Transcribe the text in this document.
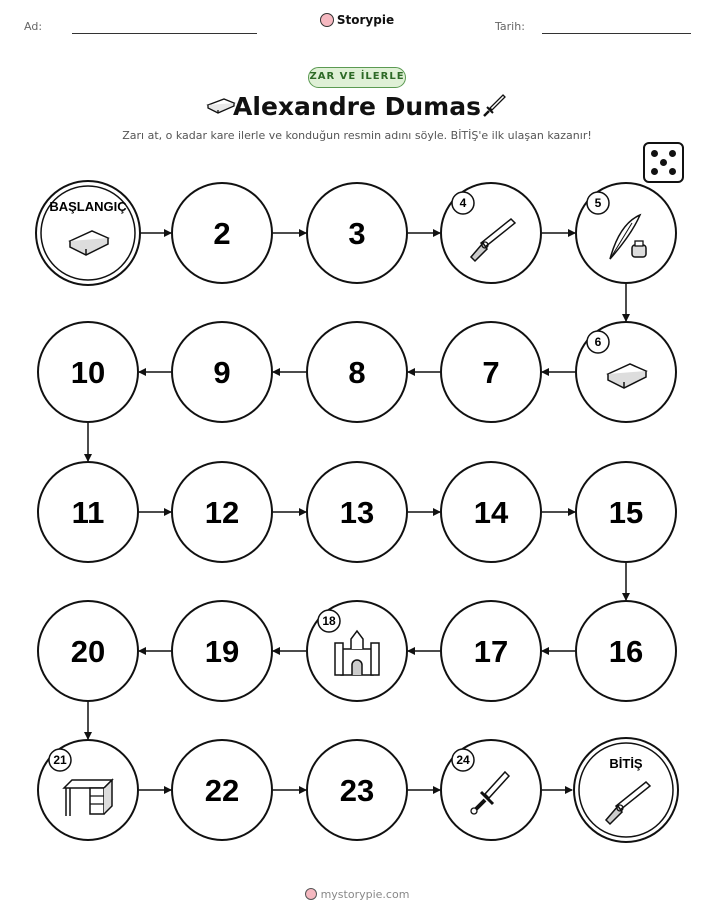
Ad:	Storypie	Tarih:
ZAR VE İLERLE
Alexandre Dumas
Zarı at, o kadar kare ilerle ve konduğun resmin adını söyle. BİTİŞ'e ilk ulaşan kazanır!
BAŞLANGIÇ
2	3
4	5
6
7
8
9
10
11	12	13	14	15
16
17
18
19
20
21
22	23
24	BİTİŞ
mystorypie.com
